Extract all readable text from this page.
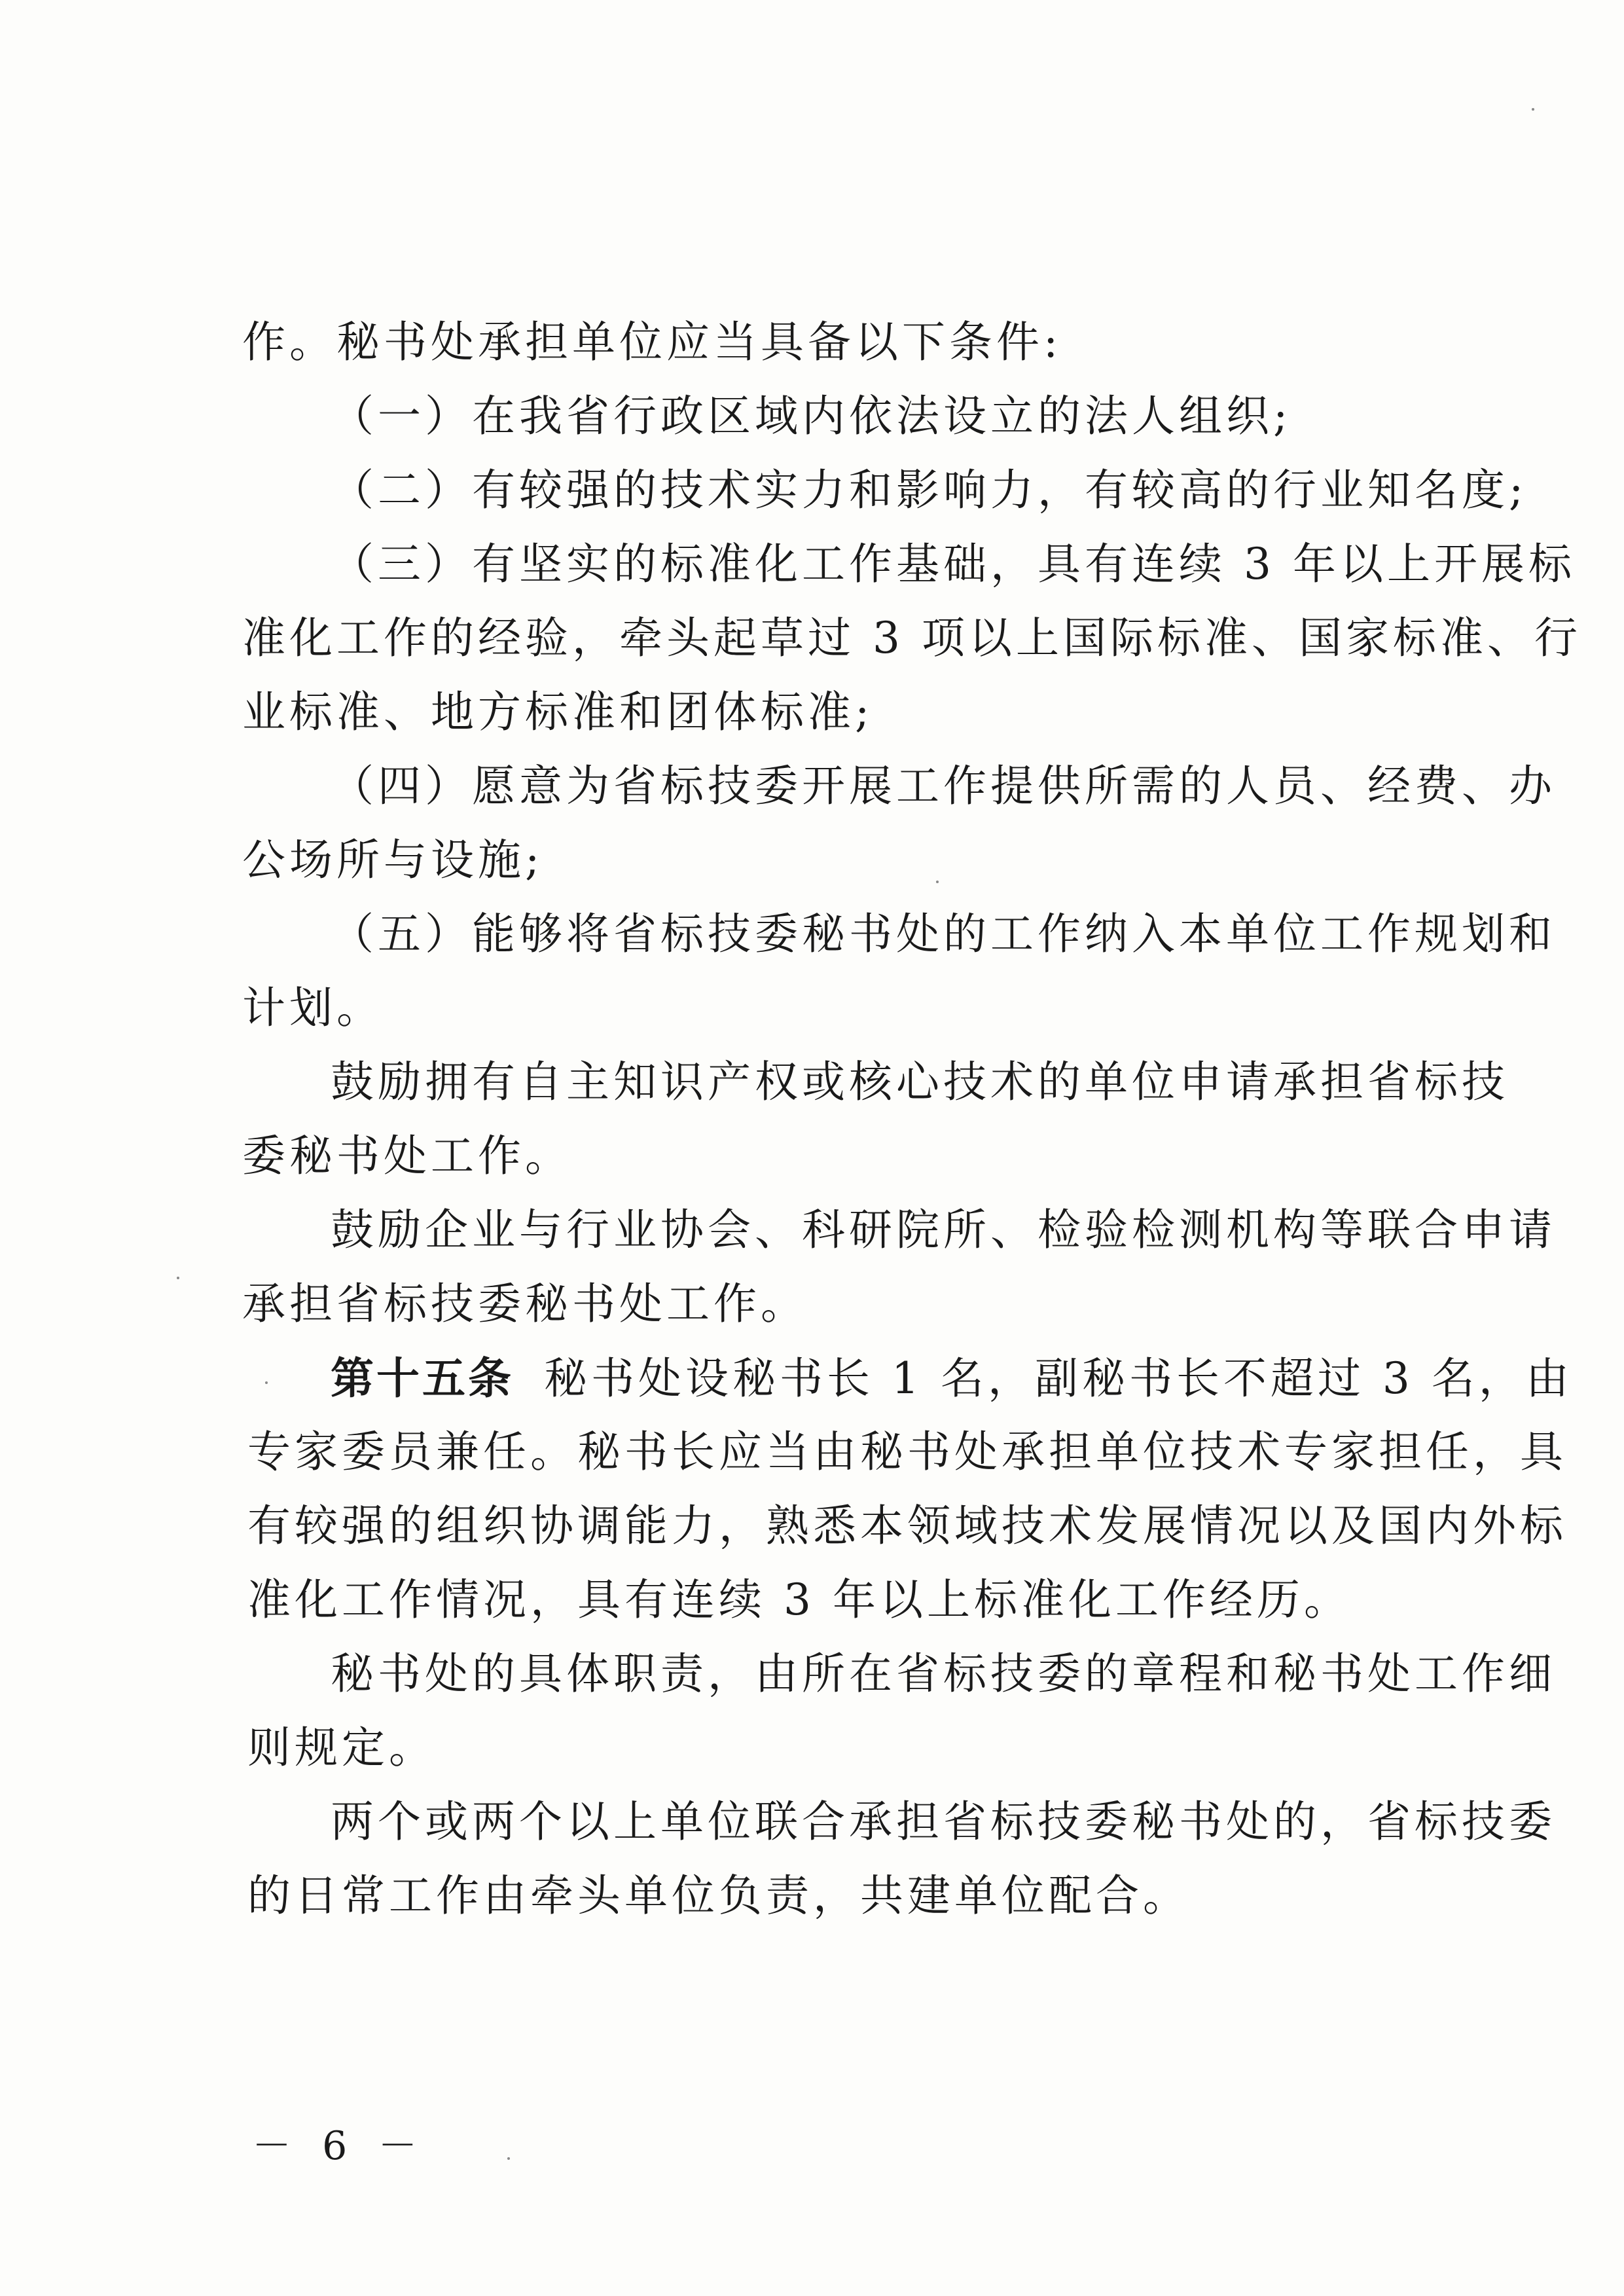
作。秘书处承担单位应当具备以下条件:
（一）在我省行政区域内依法设立的法人组织;
（二）有较强的技术实力和影响力，有较高的行业知名度;
（三）有坚实的标准化工作基础，具有连续 3 年以上开展标
准化工作的经验，牵头起草过 3 项以上国际标准、国家标准、行
业标准、地方标准和团体标准;
（四）愿意为省标技委开展工作提供所需的人员、经费、办
公场所与设施;
（五）能够将省标技委秘书处的工作纳入本单位工作规划和
计划。
鼓励拥有自主知识产权或核心技术的单位申请承担省标技
委秘书处工作。
鼓励企业与行业协会、科研院所、检验检测机构等联合申请
承担省标技委秘书处工作。
第十五条 秘书处设秘书长 1 名，副秘书长不超过 3 名，由
专家委员兼任。秘书长应当由秘书处承担单位技术专家担任，具
有较强的组织协调能力，熟悉本领域技术发展情况以及国内外标
准化工作情况，具有连续 3 年以上标准化工作经历。
秘书处的具体职责，由所在省标技委的章程和秘书处工作细
则规定。
两个或两个以上单位联合承担省标技委秘书处的，省标技委
的日常工作由牵头单位负责，共建单位配合。
－ 6 －
